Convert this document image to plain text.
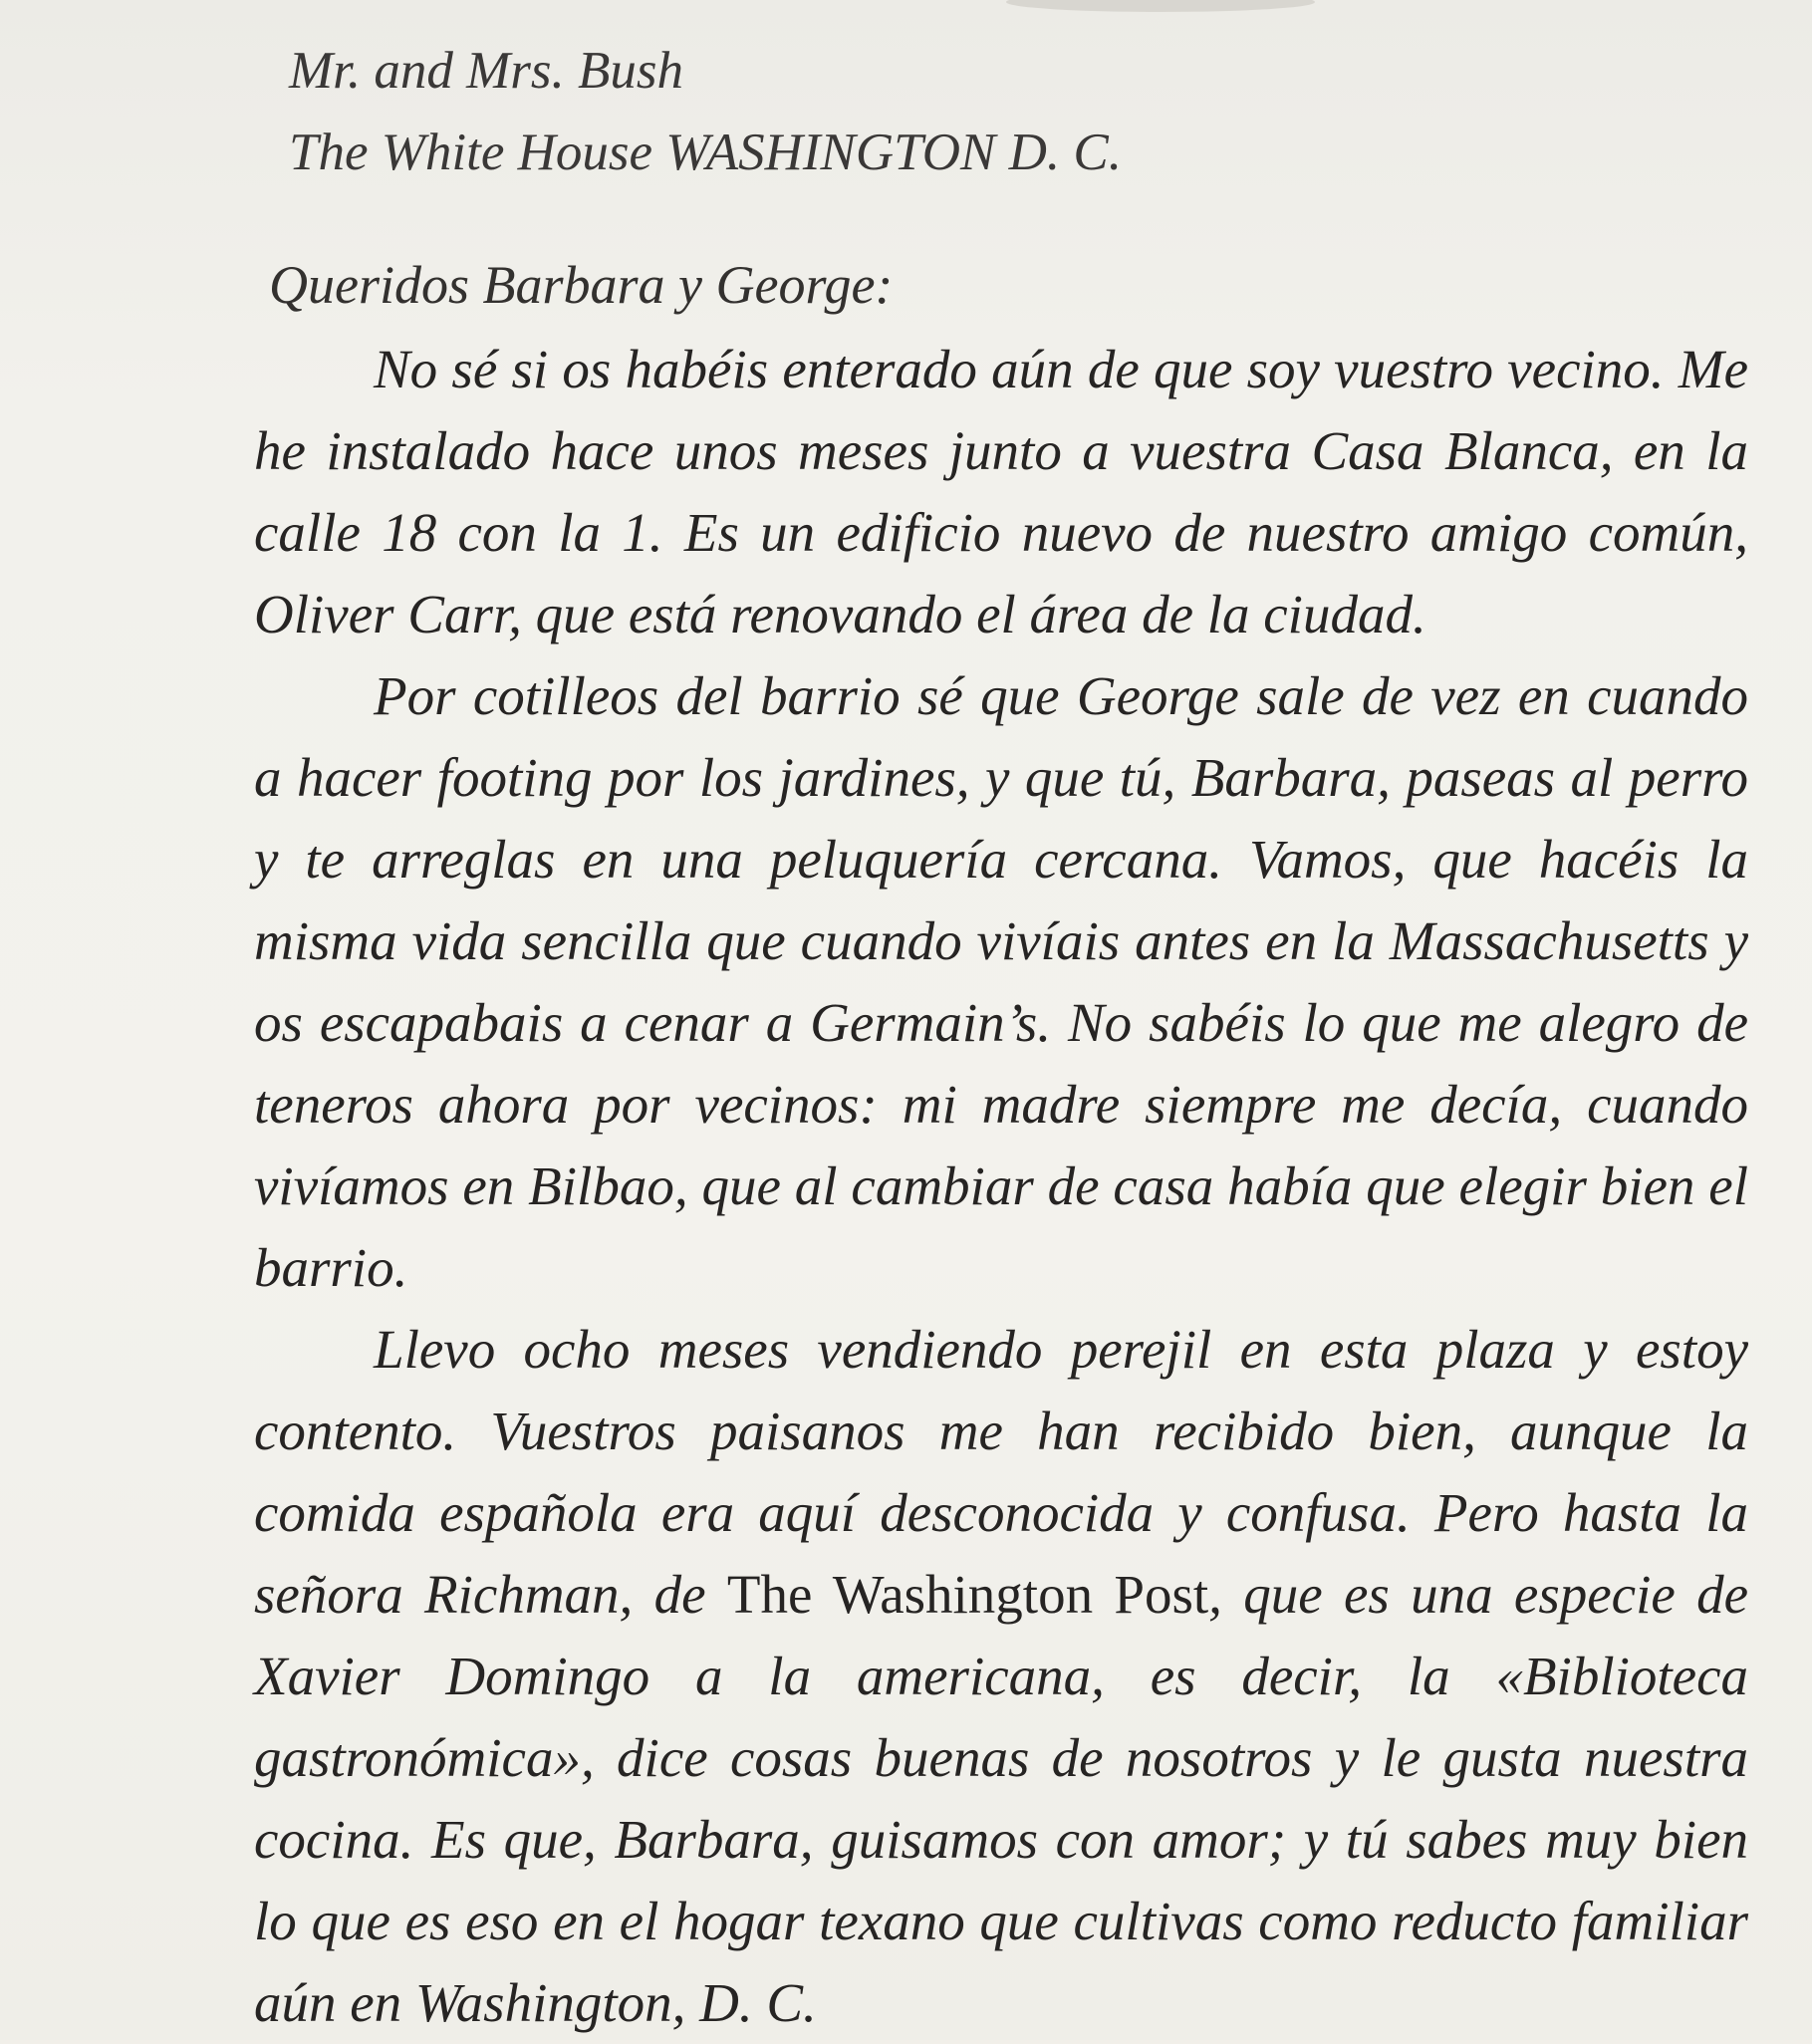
Mr. and Mrs. Bush
The White House WASHINGTON D. C.
Queridos Barbara y George:

No sé si os habéis enterado aún de que soy vuestro vecino. Me he instalado hace unos meses junto a vuestra Casa Blanca, en la calle 18 con la 1. Es un edificio nuevo de nuestro amigo común, Oliver Carr, que está renovando el área de la ciudad.

Por cotilleos del barrio sé que George sale de vez en cuando a hacer footing por los jardines, y que tú, Barbara, paseas al perro y te arreglas en una peluquería cercana. Vamos, que hacéis la misma vida sencilla que cuando vivíais antes en la Massachusetts y os escapabais a cenar a Germain’s. No sabéis lo que me alegro de teneros ahora por vecinos: mi madre siempre me decía, cuando vivíamos en Bilbao, que al cambiar de casa había que elegir bien el barrio.

Llevo ocho meses vendiendo perejil en esta plaza y estoy contento. Vuestros paisanos me han recibido bien, aunque la comida española era aquí desconocida y confusa. Pero hasta la señora Richman, de The Washington Post, que es una especie de Xavier Domingo a la americana, es decir, la «Biblioteca gastronómica», dice cosas buenas de nosotros y le gusta nuestra cocina. Es que, Barbara, guisamos con amor; y tú sabes muy bien lo que es eso en el hogar texano que cultivas como reducto familiar aún en Washington, D. C.
